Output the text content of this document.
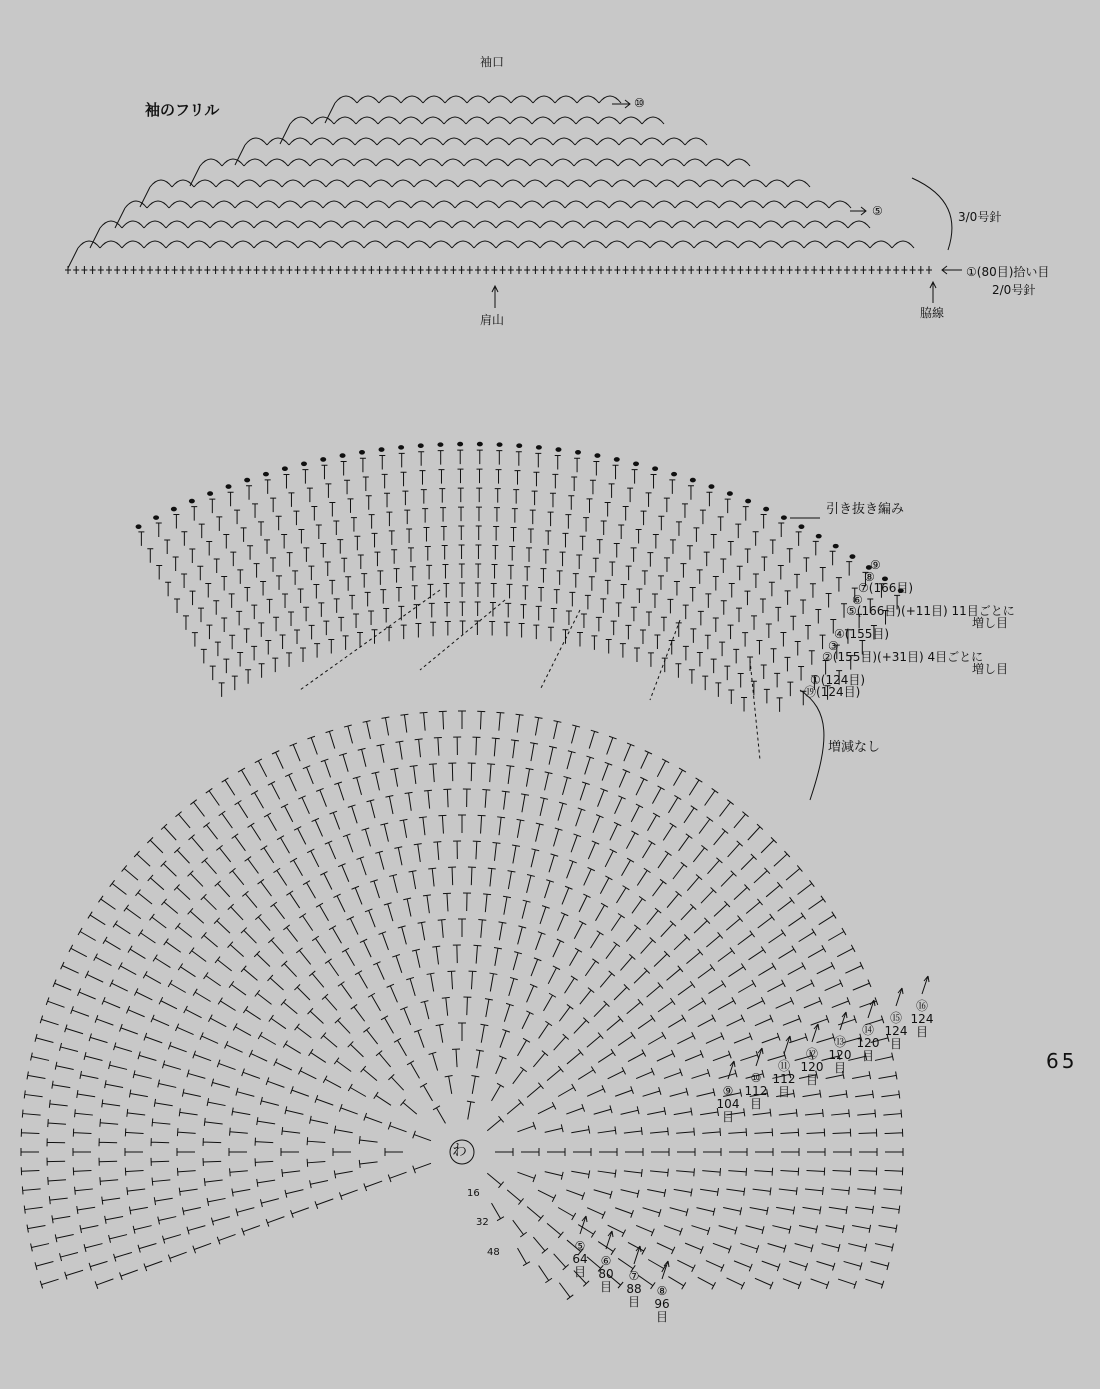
袖のフリル
袖口
肩山	脇線
3/0号針
①(80目)拾い目
2/0号針
⑩
⑤
引き抜き編み
増減なし
⑨
⑧
⑦(166目)
⑥
⑤(166目)(+11目) 11目ごとに
増し目
④(155目)
③
②(155目)(+31目) 4目ごとに
増し目
①(124目)
⑲(124目)
わ
16
32
48	⑤
64
目
⑥
80
目
⑦
88
目
⑧
96
目
⑨
104
目
⑩
112
目
⑪
112
目
⑫
120
目
⑬
120
目
⑭
120
目
⑮
124
目
⑯
124
目
65
